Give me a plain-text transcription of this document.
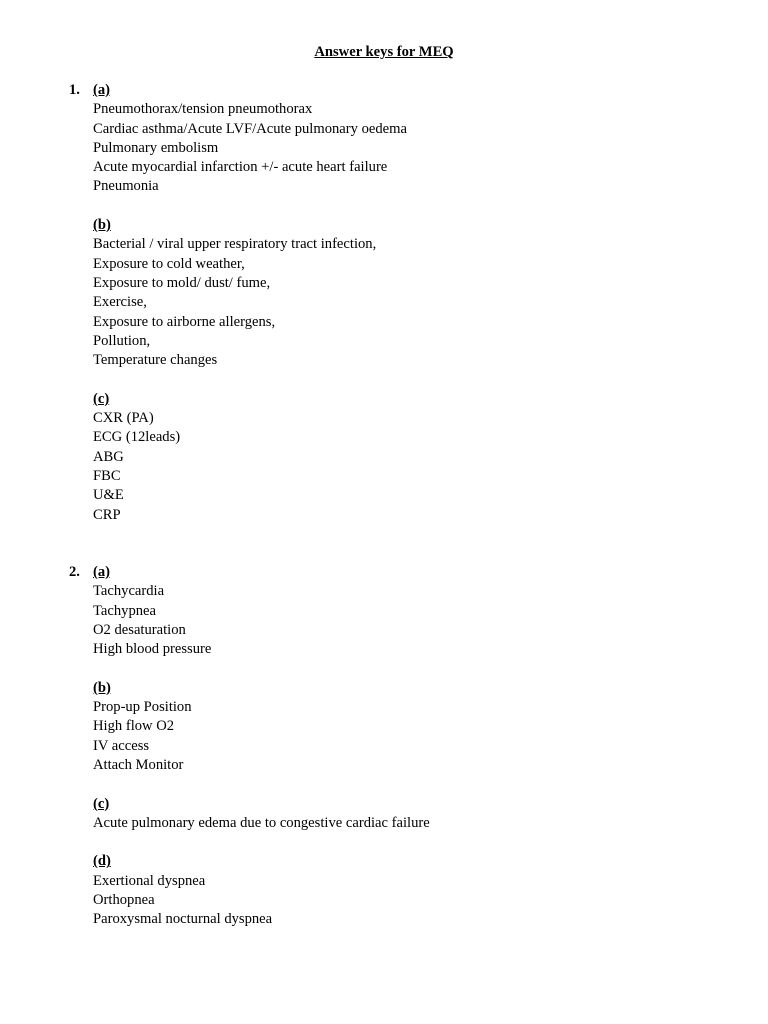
Answer keys for MEQ
1. (a)
Pneumothorax/tension pneumothorax
Cardiac asthma/Acute LVF/Acute pulmonary oedema
Pulmonary embolism
Acute myocardial infarction +/- acute heart failure
Pneumonia
(b)
Bacterial / viral upper respiratory tract infection,
Exposure to cold weather,
Exposure to mold/ dust/ fume,
Exercise,
Exposure to airborne allergens,
Pollution,
Temperature changes
(c)
CXR (PA)
ECG (12leads)
ABG
FBC
U&E
CRP
2. (a)
Tachycardia
Tachypnea
O2 desaturation
High blood pressure
(b)
Prop-up Position
High flow O2
IV access
Attach Monitor
(c)
Acute pulmonary edema due to congestive cardiac failure
(d)
Exertional dyspnea
Orthopnea
Paroxysmal nocturnal dyspnea
